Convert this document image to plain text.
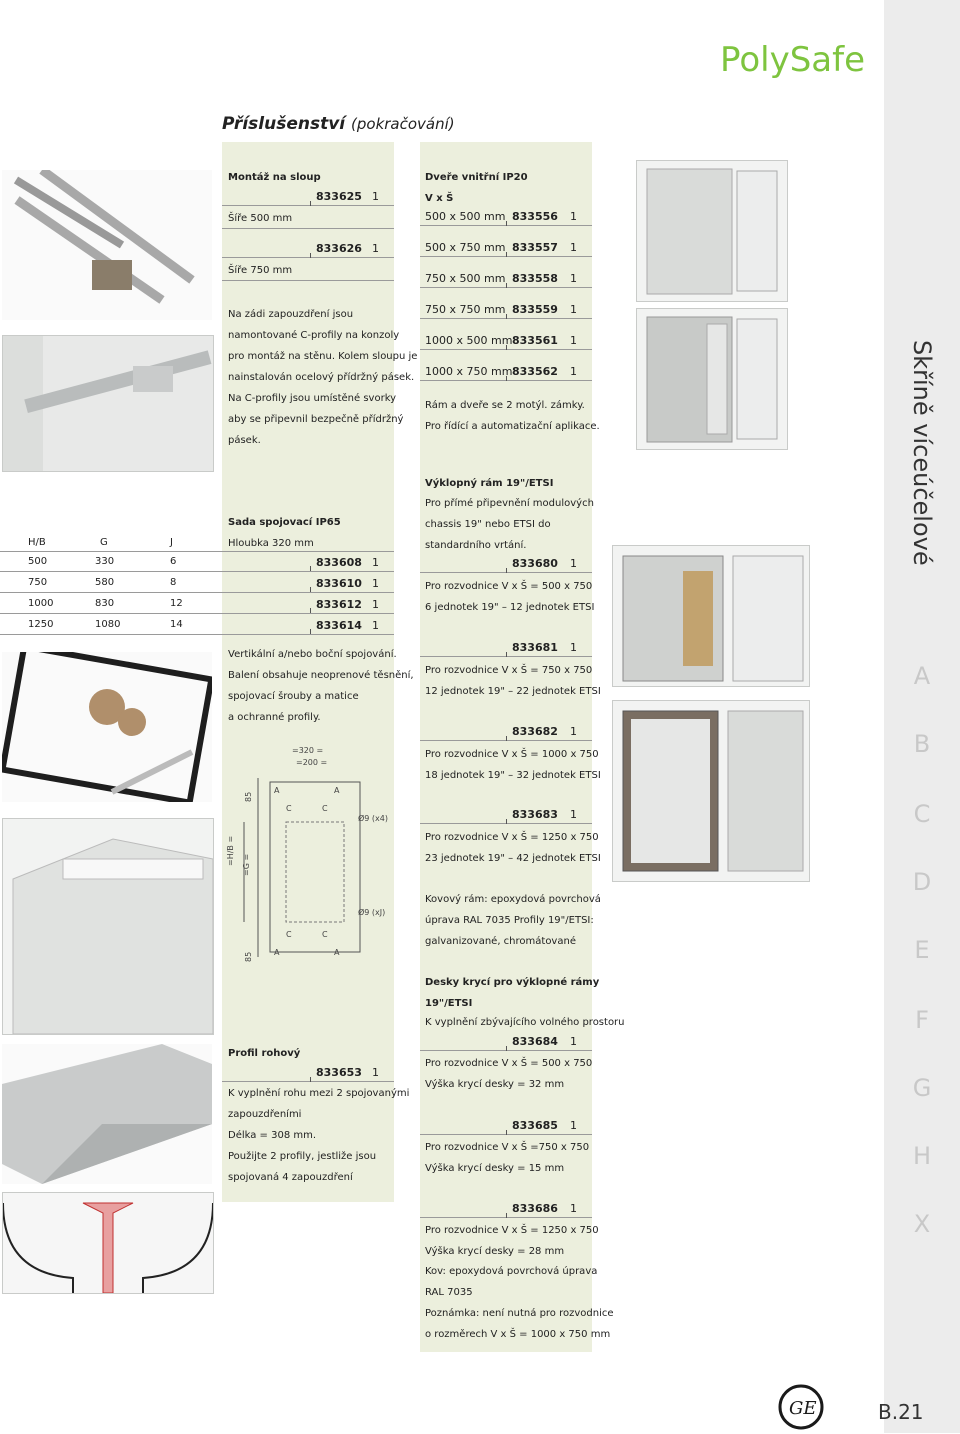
PolySafe
Skříně víceúčelové
A
B
C
D
E
F
G
H
X
Příslušenství (pokračování)
Montáž na sloup
833625 1
Šíře 500 mm
833626 1
Šíře 750 mm
Na zádi zapouzdření jsou
namontované C-profily na konzoly
pro montáž na stěnu. Kolem sloupu je
nainstalován ocelový přídržný pásek.
Na C-profily jsou umístěné svorky
aby se připevnil bezpečně přídržný
pásek.
Sada spojovací IP65
Hloubka 320 mm
H/B	G	J
500	330	6	833608 1
750	580	8	833610 1
1000	830	12	833612 1
1250	1080	14	833614 1
Vertikální a/nebo boční spojování.
Balení obsahuje neoprenové těsnění,
spojovací šrouby a matice
a ochranné profily.
=320 =
=200 =
A	A
C	C
Ø9 (x4)
Ø9 (xJ)
C	C
A	A
85
85
=H/B = =G =
Profil rohový
833653 1
K vyplnění rohu mezi 2 spojovanými
zapouzdřeními
Délka = 308 mm.
Použijte 2 profily, jestliže jsou
spojovaná 4 zapouzdření
Dveře vnitřní IP20
V x Š
500 x 500 mm 833556 1
500 x 750 mm 833557 1
750 x 500 mm 833558 1
750 x 750 mm 833559 1
1000 x 500 mm 833561 1
1000 x 750 mm 833562 1
Rám a dveře se 2 motýl. zámky.
Pro řídící a automatizační aplikace.
Výklopný rám 19"/ETSI
Pro přímé připevnění modulových
chassis 19" nebo ETSI do
standardního vrtání.
833680 1
Pro rozvodnice V x Š = 500 x 750
6 jednotek 19" – 12 jednotek ETSI
833681 1
Pro rozvodnice V x Š = 750 x 750
12 jednotek 19" – 22 jednotek ETSI
833682 1
Pro rozvodnice V x Š = 1000 x 750
18 jednotek 19" – 32 jednotek ETSI
833683 1
Pro rozvodnice V x Š = 1250 x 750
23 jednotek 19" – 42 jednotek ETSI
Kovový rám: epoxydová povrchová
úprava RAL 7035 Profily 19"/ETSI:
galvanizované, chromátované
Desky krycí pro výklopné rámy
19"/ETSI
K vyplnění zbývajícího volného prostoru
833684 1
Pro rozvodnice V x Š = 500 x 750
Výška krycí desky = 32 mm
833685 1
Pro rozvodnice V x Š =750 x 750
Výška krycí desky = 15 mm
833686 1
Pro rozvodnice V x Š = 1250 x 750
Výška krycí desky = 28 mm
Kov: epoxydová povrchová úprava
RAL 7035
Poznámka: není nutná pro rozvodnice
o rozměrech V x Š = 1000 x 750 mm
GE	B.21
